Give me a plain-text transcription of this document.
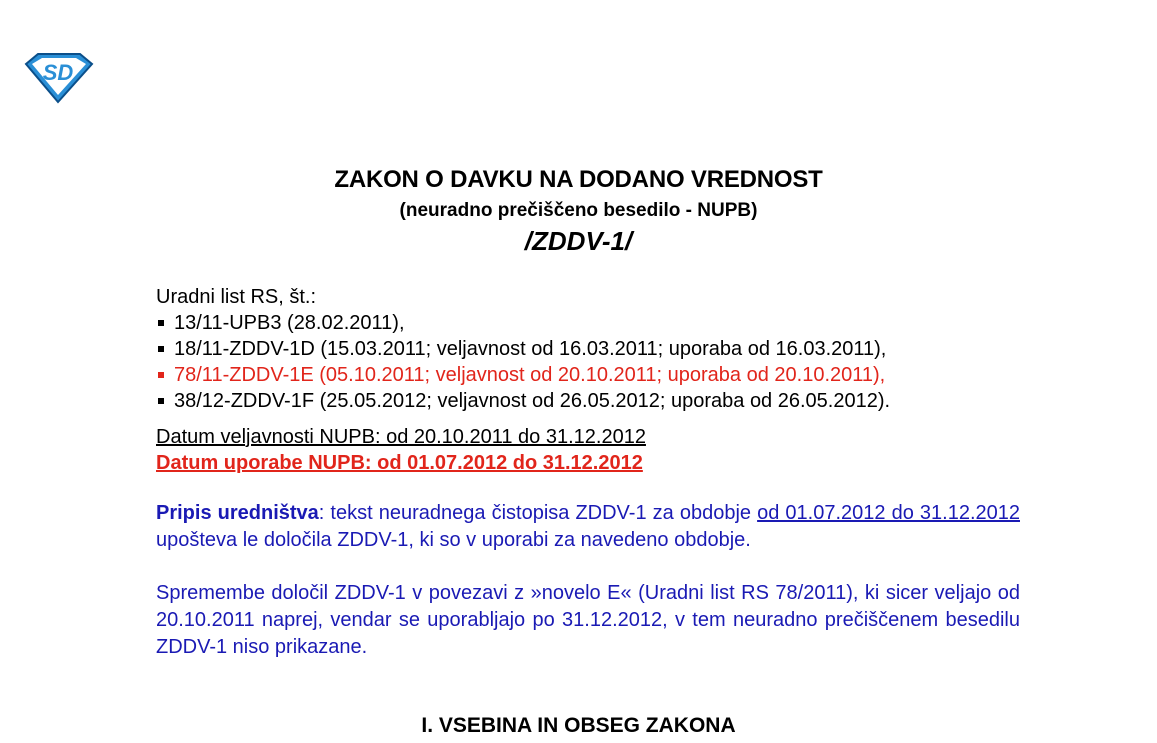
SD
ZAKON O DAVKU NA DODANO VREDNOST
(neuradno prečiščeno besedilo - NUPB)
/ZDDV-1/
Uradni list RS, št.:
13/11-UPB3 (28.02.2011),
18/11-ZDDV-1D (15.03.2011; veljavnost od 16.03.2011; uporaba od 16.03.2011),
78/11-ZDDV-1E (05.10.2011; veljavnost od 20.10.2011; uporaba od 20.10.2011),
38/12-ZDDV-1F (25.05.2012; veljavnost od 26.05.2012; uporaba od 26.05.2012).
Datum veljavnosti NUPB: od 20.10.2011 do 31.12.2012
Datum uporabe NUPB: od 01.07.2012 do 31.12.2012
Pripis uredništva: tekst neuradnega čistopisa ZDDV-1 za obdobje od 01.07.2012 do 31.12.2012 upošteva le določila ZDDV-1, ki so v uporabi za navedeno obdobje.
Spremembe določil ZDDV-1 v povezavi z »novelo E« (Uradni list RS 78/2011), ki sicer veljajo od 20.10.2011 naprej, vendar se uporabljajo po 31.12.2012, v tem neuradno prečiščenem besedilu ZDDV-1 niso prikazane.
I. VSEBINA IN OBSEG ZAKONA
